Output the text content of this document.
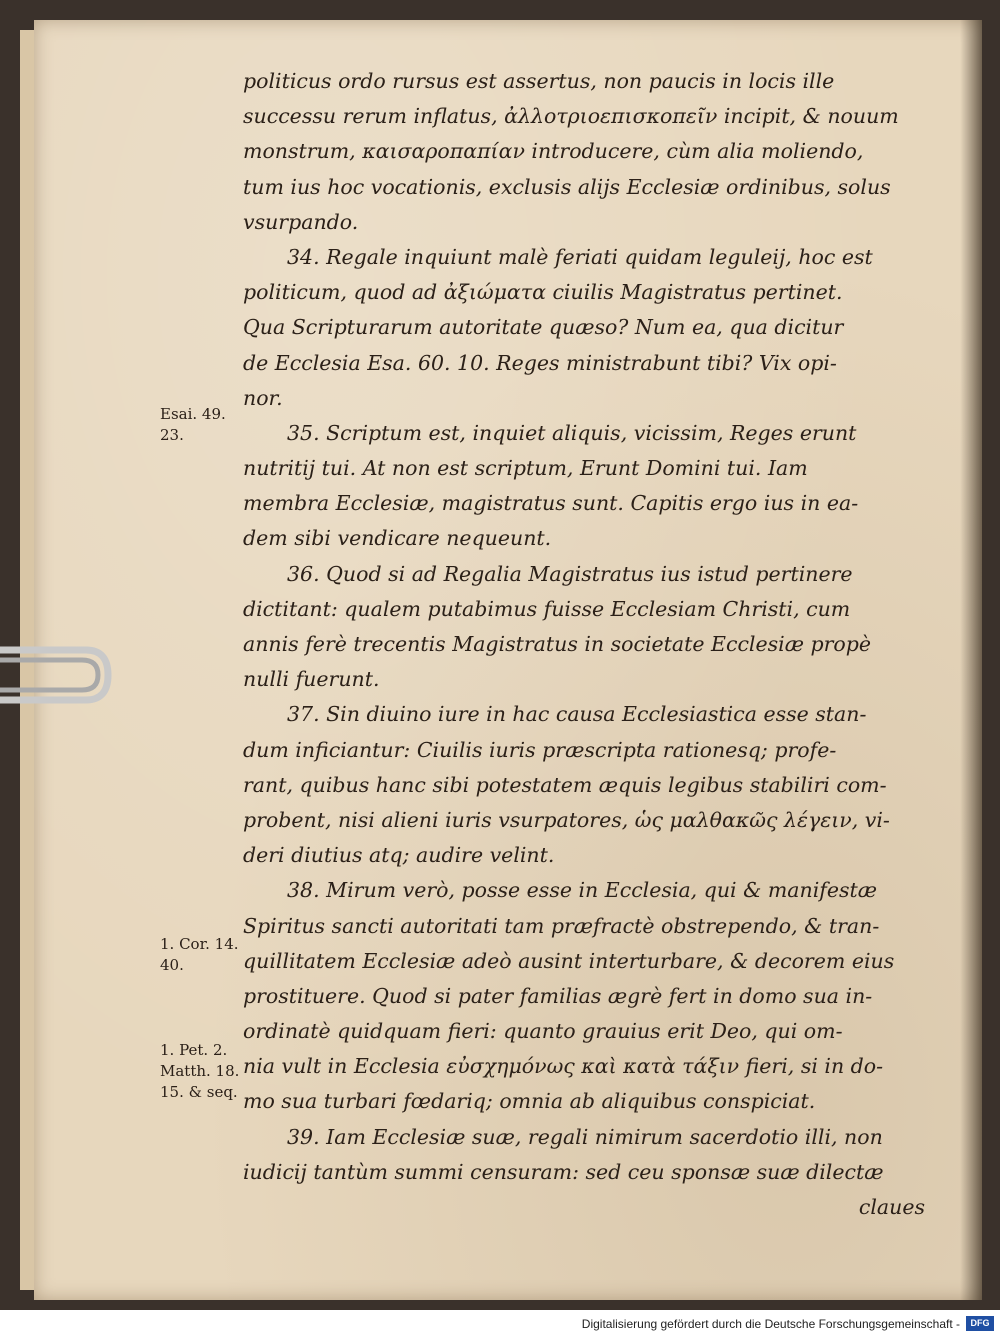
politicus ordo rursus est assertus, non paucis in locis ille
successu rerum inflatus, ἀλλοτριοεπισκοπεῖν incipit, & nouum
monstrum, καισαροπαπίαν introducere, cùm alia moliendo,
tum ius hoc vocationis, exclusis alijs Ecclesiæ ordinibus, solus
vsurpando.
34. Regale inquiunt malè feriati quidam leguleij, hoc est
politicum, quod ad ἀξιώματα ciuilis Magistratus pertinet.
Qua Scripturarum autoritate quæso? Num ea, qua dicitur
de Ecclesia Esa. 60. 10. Reges ministrabunt tibi? Vix opi-
nor.
35. Scriptum est, inquiet aliquis, vicissim, Reges erunt
nutritij tui. At non est scriptum, Erunt Domini tui. Iam
membra Ecclesiæ, magistratus sunt. Capitis ergo ius in ea-
dem sibi vendicare nequeunt.
36. Quod si ad Regalia Magistratus ius istud pertinere
dictitant: qualem putabimus fuisse Ecclesiam Christi, cum
annis ferè trecentis Magistratus in societate Ecclesiæ propè
nulli fuerunt.
37. Sin diuino iure in hac causa Ecclesiastica esse stan-
dum inficiantur: Ciuilis iuris præscripta rationesq; profe-
rant, quibus hanc sibi potestatem æquis legibus stabiliri com-
probent, nisi alieni iuris vsurpatores, ὡς μαλθακῶς λέγειν, vi-
deri diutius atq; audire velint.
38. Mirum verò, posse esse in Ecclesia, qui & manifestæ
Spiritus sancti autoritati tam præfractè obstrependo, & tran-
quillitatem Ecclesiæ adeò ausint interturbare, & decorem eius
prostituere. Quod si pater familias ægrè fert in domo sua in-
ordinatè quidquam fieri: quanto grauius erit Deo, qui om-
nia vult in Ecclesia εὐσχημόνως καὶ κατὰ τάξιν fieri, si in do-
mo sua turbari fœdariq; omnia ab aliquibus conspiciat.
39. Iam Ecclesiæ suæ, regali nimirum sacerdotio illi, non
iudicij tantùm summi censuram: sed ceu sponsæ suæ dilectæ
claues
Esai. 49.
23.
1. Cor. 14.
40.
1. Pet. 2.
Matth. 18.
15. & seq.
Digitalisierung gefördert durch die Deutsche Forschungsgemeinschaft -	DFG
